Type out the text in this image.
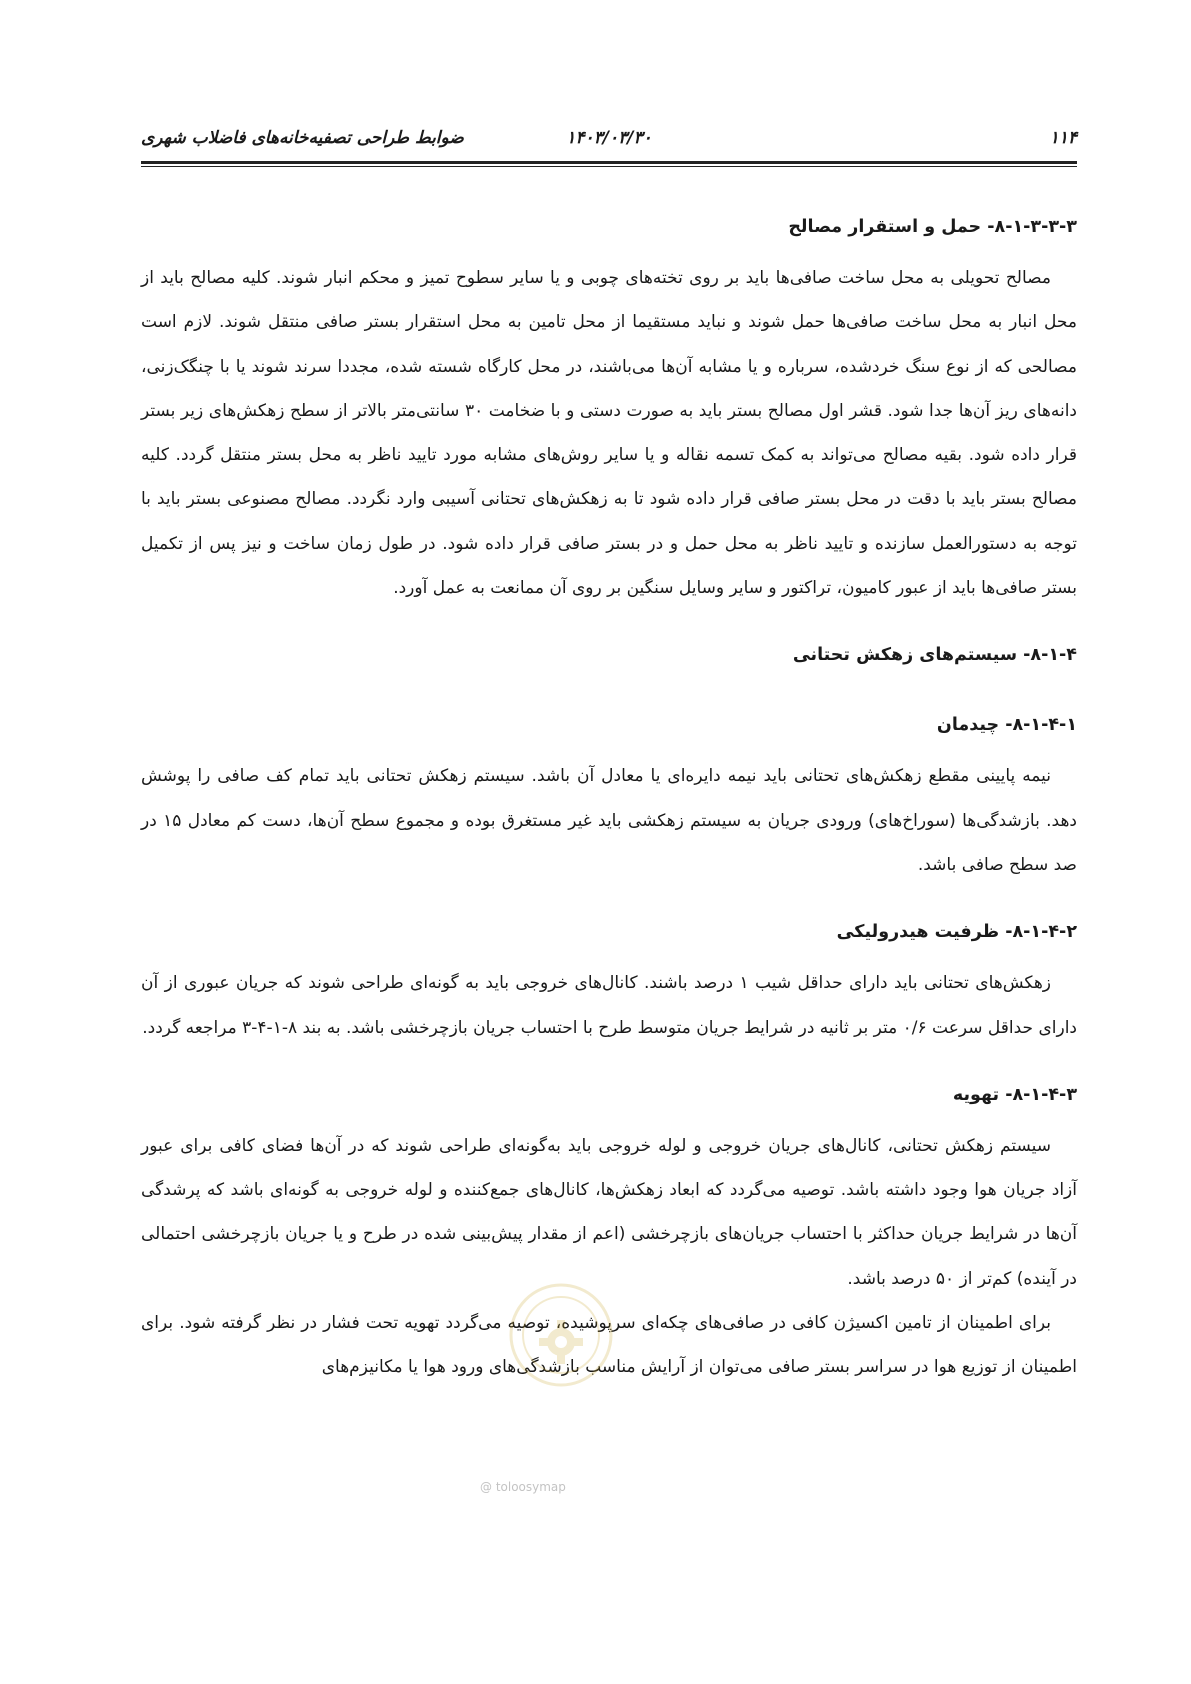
۱۱۴
۱۴۰۳/۰۳/۳۰
ضوابط طراحی تصفیه‌خانه‌های فاضلاب شهری
۸-۱-۳-۳-۳- حمل و استقرار مصالح

مصالح تحویلی به محل ساخت صافی‌ها باید بر روی تخته‌های چوبی و یا سایر سطوح تمیز و محکم انبار شوند. کلیه مصالح باید از محل انبار به محل ساخت صافی‌ها حمل شوند و نباید مستقیما از محل تامین به محل استقرار بستر صافی منتقل شوند. لازم است مصالحی که از نوع سنگ خردشده، سرباره و یا مشابه آن‌ها می‌باشند، در محل کارگاه شسته شده، مجددا سرند شوند یا با چنگک‌زنی، دانه‌های ریز آن‌ها جدا شود. قشر اول مصالح بستر باید به صورت دستی و با ضخامت ۳۰ سانتی‌متر بالاتر از سطح زهکش‌های زیر بستر قرار داده شود. بقیه مصالح می‌تواند به کمک تسمه نقاله و یا سایر روش‌های مشابه مورد تایید ناظر به محل بستر منتقل گردد. کلیه مصالح بستر باید با دقت در محل بستر صافی قرار داده شود تا به زهکش‌های تحتانی آسیبی وارد نگردد. مصالح مصنوعی بستر باید با توجه به دستورالعمل سازنده و تایید ناظر به محل حمل و در بستر صافی قرار داده شود. در طول زمان ساخت و نیز پس از تکمیل بستر صافی‌ها باید از عبور کامیون، تراکتور و سایر وسایل سنگین بر روی آن ممانعت به عمل آورد.

۸-۱-۴- سیستم‌های زهکش تحتانی
۸-۱-۴-۱- چیدمان

نیمه پایینی مقطع زهکش‌های تحتانی باید نیمه دایره‌ای یا معادل آن باشد. سیستم زهکش تحتانی باید تمام کف صافی را پوشش دهد. بازشدگی‌ها (سوراخ‌های) ورودی جریان به سیستم زهکشی باید غیر مستغرق بوده و مجموع سطح آن‌ها، دست کم معادل ۱۵ در صد سطح صافی باشد.

۸-۱-۴-۲- ظرفیت هیدرولیکی

زهکش‌های تحتانی باید دارای حداقل شیب ۱ درصد باشند. کانال‌های خروجی باید به گونه‌ای طراحی شوند که جریان عبوری از آن دارای حداقل سرعت ۰/۶ متر بر ثانیه در شرایط جریان متوسط طرح با احتساب جریان بازچرخشی باشد. به بند ۸-۱-۴-۳ مراجعه گردد.

۸-۱-۴-۳- تهویه

سیستم زهکش تحتانی، کانال‌های جریان خروجی و لوله خروجی باید به‌گونه‌ای طراحی شوند که در آن‌ها فضای کافی برای عبور آزاد جریان هوا وجود داشته باشد. توصیه می‌گردد که ابعاد زهکش‌ها، کانال‌های جمع‌کننده و لوله خروجی به گونه‌ای باشد که پرشدگی آن‌ها در شرایط جریان حداکثر با احتساب جریان‌های بازچرخشی (اعم از مقدار پیش‌بینی شده در طرح و یا جریان بازچرخشی احتمالی در آینده) کم‌تر از ۵۰ درصد باشد.

برای اطمینان از تامین اکسیژن کافی در صافی‌های چکه‌ای سرپوشیده، توصیه می‌گردد تهویه تحت فشار در نظر گرفته شود. برای اطمینان از توزیع هوا در سراسر بستر صافی می‌توان از آرایش مناسب بازشدگی‌های ورود هوا یا مکانیزم‌های

@ toloosymap
